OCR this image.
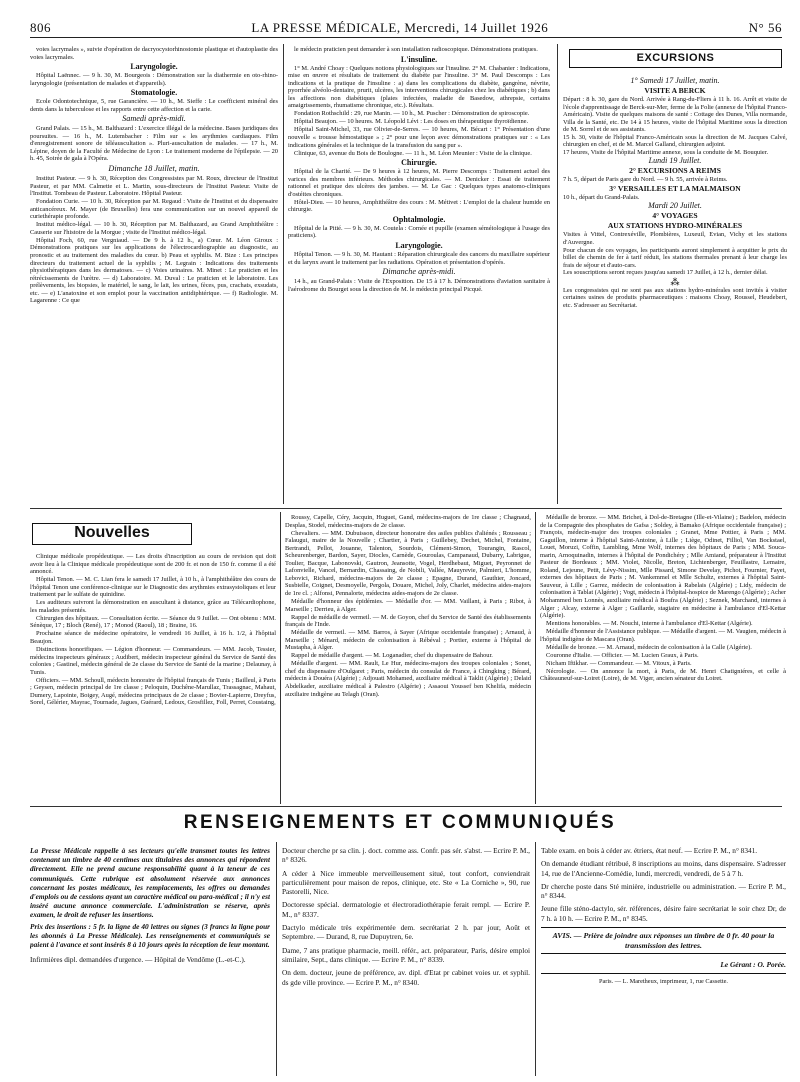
806	LA PRESSE MÉDICALE, Mercredi, 14 Juillet 1926	N° 56

voies lacrymales », suivie d'opération de dacryocystorhinostomie plastique et d'autoplastie des voies lacrymales.

Laryngologie.

Hôpital Laënnec. — 9 h. 30, M. Bourgeois : Démonstration sur la diathermie en oto-rhino-laryngologie (présentation de malades et d'appareils).

Stomatologie.

Ecole Odontotechnique, 5, rue Garancière. — 10 h., M. Sieffe : Le coefficient minéral des dents dans la tuberculose et les rapports entre cette affection et la carie.

Samedi après-midi.

Grand Palais. — 15 h., M. Balthazard : L'exercice illégal de la médecine. Bases juridiques des poursuites. — 16 h., M. Lutembacher : Film sur « les arythmies cardiaques. Film d'enregistrement sonore de téléauscultation ». Pluri-auscultation de malades. — 17 h., M. Lépine, doyen de la Faculté de Médecine de Lyon : Le traitement moderne de l'épilepsie. — 20 h. 45, Soirée de gala à l'Opéra.

Dimanche 18 Juillet, matin.

Institut Pasteur. — 9 h. 30, Réception des Congressistes par M. Roux, directeur de l'Institut Pasteur, et par MM. Calmette et L. Martin, sous-directeurs de l'Institut Pasteur. Visite de l'Institut. Tombeau de Pasteur. Laboratoire. Hôpital Pasteur.

Fondation Curie. — 10 h. 30, Réception par M. Regaud : Visite de l'Institut et du dispensaire anticancéreux. M. Mayer (de Bruxelles) fera une communication sur un nouvel appareil de curiethérapie profonde.

Institut médico-légal. — 10 h. 30, Réception par M. Balthazard, au Grand Amphithéâtre : Causerie sur l'histoire de la Morgue ; visite de l'Institut médico-légal.

Hôpital Foch, 60, rue Vergniaud. — De 9 h. à 12 h., a) Cœur. M. Léon Giroux : Démonstrations pratiques sur les applications de l'électrocardiographie au diagnostic, au pronostic et au traitement des maladies du cœur. b) Peau et syphilis. M. Bize : Les principes directeurs du traitement actuel de la syphilis ; M. Legrain : Indications des traitements physiothérapiques dans les dermatoses. — c) Voies urinaires. M. Minet : Le praticien et les rétrécissements de l'urètre. — d) Laboratoire. M. Duval : Le praticien et le laboratoire. Les prélèvements, les biopsies, le matériel, le sang, le lait, les urines, fèces, pus, crachats, exsudats, etc. — e) L'anatoxine et son emploi pour la vaccination antidiphtérique. — f) Radiologie. M. Lagarenne : Ce que

le médecin praticien peut demander à son installation radioscopique. Démonstrations pratiques.

L'insuline.

1° M. André Choay : Quelques notions physiologiques sur l'insuline. 2° M. Chabanier : Indications, mise en œuvre et résultats de traitement du diabète par l'insuline. 3° M. Paul Descomps : Les indications et la pratique de l'insuline : a) dans les complications du diabète, gangrène, névrite, pyorrhée alvéolo-dentaire, prurit, ulcères, les interventions chirurgicales chez les diabétiques ; b) dans les affections non diabétiques (plaies infectées, maladie de Basedow, athrepsie, certains amaigrissements, rhumatisme chronique, etc.). Résultats.

Fondation Rothschild : 29, rue Manin. — 10 h., M. Puscher : Démonstration de spiroscopie.

Hôpital Beaujon. — 10 heures. M. Léopold Lévi : Les doses en thérapeutique thyroïdienne.

Hôpital Saint-Michel, 33, rue Olivier-de-Serres. — 10 heures, M. Bécart : 1° Présentation d'une nouvelle « trousse hémostatique » ; 2° pour une leçon avec démonstrations pratiques sur : « Les indications générales et la technique de la transfusion du sang pur ».

Clinique, 63, avenue du Bois de Boulogne. — 11 h., M. Léon Meunier : Visite de la clinique.

Chirurgie.

Hôpital de la Charité. — De 9 heures à 12 heures, M. Pierre Descomps : Traitement actuel des varices des membres inférieurs. Méthodes chirurgicales. — M. Denicker : Essai de traitement rationnel et pratique des ulcères des jambes. — M. Le Gac : Quelques types anatomo-cliniques d'ostéites chroniques.

Hôtel-Dieu. — 10 heures, Amphithéâtre des cours : M. Métivet : L'emploi de la chaleur humide en chirurgie.

Ophtalmologie.

Hôpital de la Pitié. — 9 h. 30, M. Coutela : Cornée et pupille (examen séméiologique à l'usage des praticiens).

Laryngologie.

Hôpital Tenon. — 9 h. 30, M. Hautant : Réparation chirurgicale des cancers du maxillaire supérieur et du larynx avant le traitement par les radiations. Opération et présentation d'opérés.

Dimanche après-midi.

14 h., au Grand-Palais : Visite de l'Exposition. De 15 à 17 h. Démonstrations d'aviation sanitaire à l'aérodrome du Bourget sous la direction de M. le médecin principal Picqué.

EXCURSIONS
1° Samedi 17 Juillet, matin.
VISITE A BERCK

Départ : 8 h. 30, gare du Nord. Arrivée à Rang-du-Fliers à 11 h. 16. Arrêt et visite de l'école d'apprentissage de Berck-sur-Mer, ferme de la Folie (annexe de l'hôpital Franco-Américain). Visite de quelques maisons de santé : Cottage des Dunes, Villa normande, Villa de la Santé, etc. De 14 à 15 heures, visite de l'hôpital Maritime sous la direction de M. Sorrel et de ses assistants.

15 h. 30, visite de l'hôpital Franco-Américain sous la direction de M. Jacques Calvé, chirurgien en chef, et de M. Marcel Galland, chirurgien adjoint.

17 heures, Visite de l'hôpital Maritime annexe, sous la conduite de M. Bouquier.

Lundi 19 Juillet.
2° EXCURSIONS A REIMS

7 h. 5, départ de Paris gare du Nord. — 9 h. 55, arrivée à Reims.

3° VERSAILLES ET LA MALMAISON

10 h., départ du Grand-Palais.

Mardi 20 Juillet.
4° VOYAGES
AUX STATIONS HYDRO-MINÉRALES

Visites à Vittel, Contrexéville, Plombières, Luxeuil, Evian, Vichy et les stations d'Auvergne.

Pour chacun de ces voyages, les participants auront simplement à acquitter le prix du billet de chemin de fer à tarif réduit, les stations thermales prenant à leur charge les frais de séjour et d'auto-cars.

Les souscriptions seront reçues jusqu'au samedi 17 Juillet, à 12 h., dernier délai.

⁂

Les congressistes qui ne sont pas aux stations hydro-minérales sont invités à visiter certaines usines de produits pharmaceutiques : maisons Choay, Roussel, Heudebert, etc. S'adresser au Secrétariat.

Nouvelles

Clinique médicale propédeutique. — Les droits d'inscription au cours de revision qui doit avoir lieu à la Clinique médicale propédeutique sont de 200 fr. et non de 150 fr. comme il a été annoncé.

Hôpital Tenon. — M. C. Lian fera le samedi 17 Juillet, à 10 h., à l'amphithéâtre des cours de l'hôpital Tenon une conférence-clinique sur le Diagnostic des arythmies extrasystoliques et leur traitement par le sulfate de quinidine.

Les auditeurs suivront la démonstration en auscultant à distance, grâce au Télécardiophone, les malades présentés.

Chirurgien des hôpitaux. — Consultation écrite. — Séance du 9 Juillet. — Ont obtenu : MM. Sénèque, 17 ; Bloch (René), 17 ; Monod (Raoul), 18 ; Braine, 16.

Prochaine séance de médecine opératoire, le vendredi 16 Juillet, à 16 h. 1/2, à l'hôpital Beaujon.

Distinctions honorifiques. — Légion d'honneur. — Commandeurs. — MM. Jacob, Tessier, médecins inspecteurs généraux ; Audibert, médecin inspecteur général du Service de Santé des colonies ; Gastinel, médecin général de 2e classe du Service de Santé de la marine ; Delaunay, à Tunis.

Officiers. — MM. Schoull, médecin honoraire de l'hôpital français de Tunis ; Bailleul, à Paris ; Geysen, médecin principal de 1re classe ; Peloquin, Duchêne-Marullaz, Trassagnac, Mahaut, Dumery, Lapointe, Boigey, Augé, médecins principaux de 2e classe ; Bovier-Lapierre, Dreyfus, Sorel, Gélérier, Mayrac, Tournade, Jagues, Guérard, Ledoux, Grosfillez, Foll, Perret, Coustaing,

Roussy, Capelle, Céry, Jacquin, Huguet, Gand, médecins-majors de 1re classe ; Chagnaud, Desplas, Stodel, médecins-majors de 2e classe.

Chevaliers. — MM. Dubuisson, directeur honoraire des asiles publics d'aliénés ; Rousseau ; Falaugui, maire de la Nouvelle ; Chartier, à Paris ; Guillebey, Dechet, Michel, Fontaine, Bertrandi, Pellot, Jouanne, Talenton, Sourdois, Clément-Simon, Tourangin, Rascol, Scheurenberger, Bardon, Sayer, Diocles, Carnède, Gouroulas, Campanaud, Dubarry, Labrigue, Toulier, Bacque, Labonovski, Gautron, Jeansotte, Vogel, Herdhebaut, Miguet, Peyronnet de Lafonvielle, Vancel, Bernardin, Chassaing, de Nobili, Vallée, Mauyrevie, Palmieri, L'homme, Lebovici, Richard, médecins-majors de 2e classe ; Epagne, Durand, Gauthier, Joncard, Susbielle, Coignet, Desmoyelle, Pergola, Douare, Michel, Joly, Charlet, médecins aides-majors de 1re cl. ; Alfonsi, Pennalorte, médecins aides-majors de 2e classe.

Médaille d'honneur des épidémies. — Médaille d'or. — MM. Vaillant, à Paris ; Ribot, à Marseille ; Derrieu, à Alger.

Rappel de médaille de vermeil. — M. de Goyon, chef du Service de Santé des établissements français de l'Inde.

Médaille de vermeil. — MM. Barros, à Sayer (Afrique occidentale française) ; Arnaud, à Marseille ; Ménard, médecin de colonisation à Rébéval ; Portier, externe à l'hôpital de Mustapha, à Alger.

Rappel de médaille d'argent. — M. Loganadier, chef du dispensaire de Bahour.

Médaille d'argent. — MM. Rault, Le Hur, médecins-majors des troupes coloniales ; Sonet, chef du dispensaire d'Oulgaret ; Paris, médecin du consulat de France, à Chingking ; Bérard, médecin à Douéra (Algérie) ; Adjouati Mohamed, auxiliaire médical à Taklit (Algérie) ; Delaid Abdelkader, auxiliaire médical à Palestro (Algérie) ; Assaoui Youssef ben Khelifa, médecin auxiliaire indigène au Telagh (Oran).

Médaille de bronze. — MM. Brichet, à Dol-de-Bretagne (Ille-et-Vilaine) ; Badelon, médecin de la Compagnie des phosphates de Gafsa ; Soldey, à Bamako (Afrique occidentale française) ; François, médecin-major des troupes coloniales ; Granet, Mme Pottier, à Paris ; MM. Gaguillon, interne à l'hôpital Saint-Antoine, à Lille ; Liège, Odinet, Filliol, Van Bockstael, Louet, Moruzi, Coffin, Lambling, Mme Wolf, internes des hôpitaux de Paris ; MM. Souca-marin, Arnoquinadin, internes à l'hôpital de Pondichéry ; Mlle Amiand, préparateur à l'Institut Pasteur de Bordeaux ; MM. Violet, Nicolle, Breton, Lichtenberger, Feuillastre, Lemaire, Roland, Lejeune, Petit, Lévy-Nissim, Mlle Pissard, Simone Develay, Pichot, Fournier, Fayet, externes des hôpitaux de Paris ; M. Vankemmel et Mlle Schultz, externes à l'hôpital Saint-Sauveur, à Lille ; Garrez, médecin de colonisation à Rabelais (Algérie) ; Lidy, médecin de colonisation à Tablat (Algérie) ; Vogt, médecin à l'hôpital-hospice de Marengo (Algérie) ; Acher Mohammed ben Lonnès, auxiliaire médical à Boufra (Algérie) ; Seznek, Marchand, internes à Alger ; Alcay, externe à Alger ; Gaillarde, stagiaire en médecine à l'ambulance d'El-Kettar (Algérie).

Mentions honorables. — M. Nouchi, interne à l'ambulance d'El-Kettar (Algérie).

Médaille d'honneur de l'Assistance publique. — Médaille d'argent. — M. Vaugien, médecin à l'hôpital indigène de Mascara (Oran).

Médaille de bronze. — M. Arnaud, médecin de colonisation à la Calle (Algérie).

Couronne d'Italie. — Officier. — M. Lucien Graux, à Paris.

Nicham Iftikhar. — Commandeur. — M. Vitoux, à Paris.

Nécrologie. — On annonce la mort, à Paris, de M. Henri Chatigniéres, et celle à Châteauneuf-sur-Loiret (Loire), de M. Viger, ancien sénateur du Loiret.

RENSEIGNEMENTS ET COMMUNIQUÉS
La Presse Médicale rappelle à ses lecteurs qu'elle transmet toutes les lettres contenant un timbre de 40 centimes aux titulaires des annonces qui répondent directement. Elle ne prend aucune responsabilité quant à la teneur de ces communiqués. Cette rubrique est absolument réservée aux annonces concernant les postes médicaux, les remplacements, les offres ou demandes d'emplois ou de cessions ayant un caractère médical ou para-médical ; il n'y est inséré aucune annonce commerciale. L'administration se réserve, après examen, le droit de refuser les insertions.
Prix des insertions : 5 fr. la ligne de 40 lettres ou signes (3 francs la ligne pour les abonnés à La Presse Médicale). Les renseignements et communiqués se paient à l'avance et sont insérés 8 à 10 jours après la réception de leur montant.
Infirmières dipl. demandées d'urgence. — Hôpital de Vendôme (L.-et-C.).

Docteur cherche pr sa clin. j. doct. comme ass. Confr. pas sér. s'abst. — Ecrire P. M., n° 8326.

A céder à Nice immeuble merveilleusement situé, tout confort, conviendrait particulièrement pour maison de repos, clinique, etc. Ste « La Corniche », 90, rue Pastorelli, Nice.

Doctoresse spécial. dermatologie et électroradiothérapie ferait rempl. — Ecrire P. M., n° 8337.

Dactylo médicale très expérimentée dem. secrétariat 2 h. par jour, Août et Septembre. — Durand, 8, rue Dupuytren, 6e.

Dame, 7 ans pratique pharmacie, meill. référ., act. préparateur, Paris, désire emploi similaire, Sept., dans clinique. — Ecrire P. M., n° 8339.

On dem. docteur, jeune de préférence, av. dipl. d'Etat pr cabinet voies ur. et syphil. ds gde ville province. — Ecrire P. M., n° 8340.

Table exam. en bois à céder av. étriers, état neuf. — Ecrire P. M., n° 8341.

On demande étudiant rétribué, 8 inscriptions au moins, dans dispensaire. S'adresser 14, rue de l'Ancienne-Comédie, lundi, mercredi, vendredi, de 5 à 7 h.

Dr cherche poste dans Sté minière, industrielle ou administration. — Ecrire P. M., n° 8344.

Jeune fille sténo-dactylo, sér. références, désire faire secrétariat le soir chez Dr, de 7 h. à 10 h. — Ecrire P. M., n° 8345.

AVIS. — Prière de joindre aux réponses un timbre de 0 fr. 40 pour la transmission des lettres.
Le Gérant : O. Porée.
Paris. — L. Maretheux, imprimeur, 1, rue Cassette.
